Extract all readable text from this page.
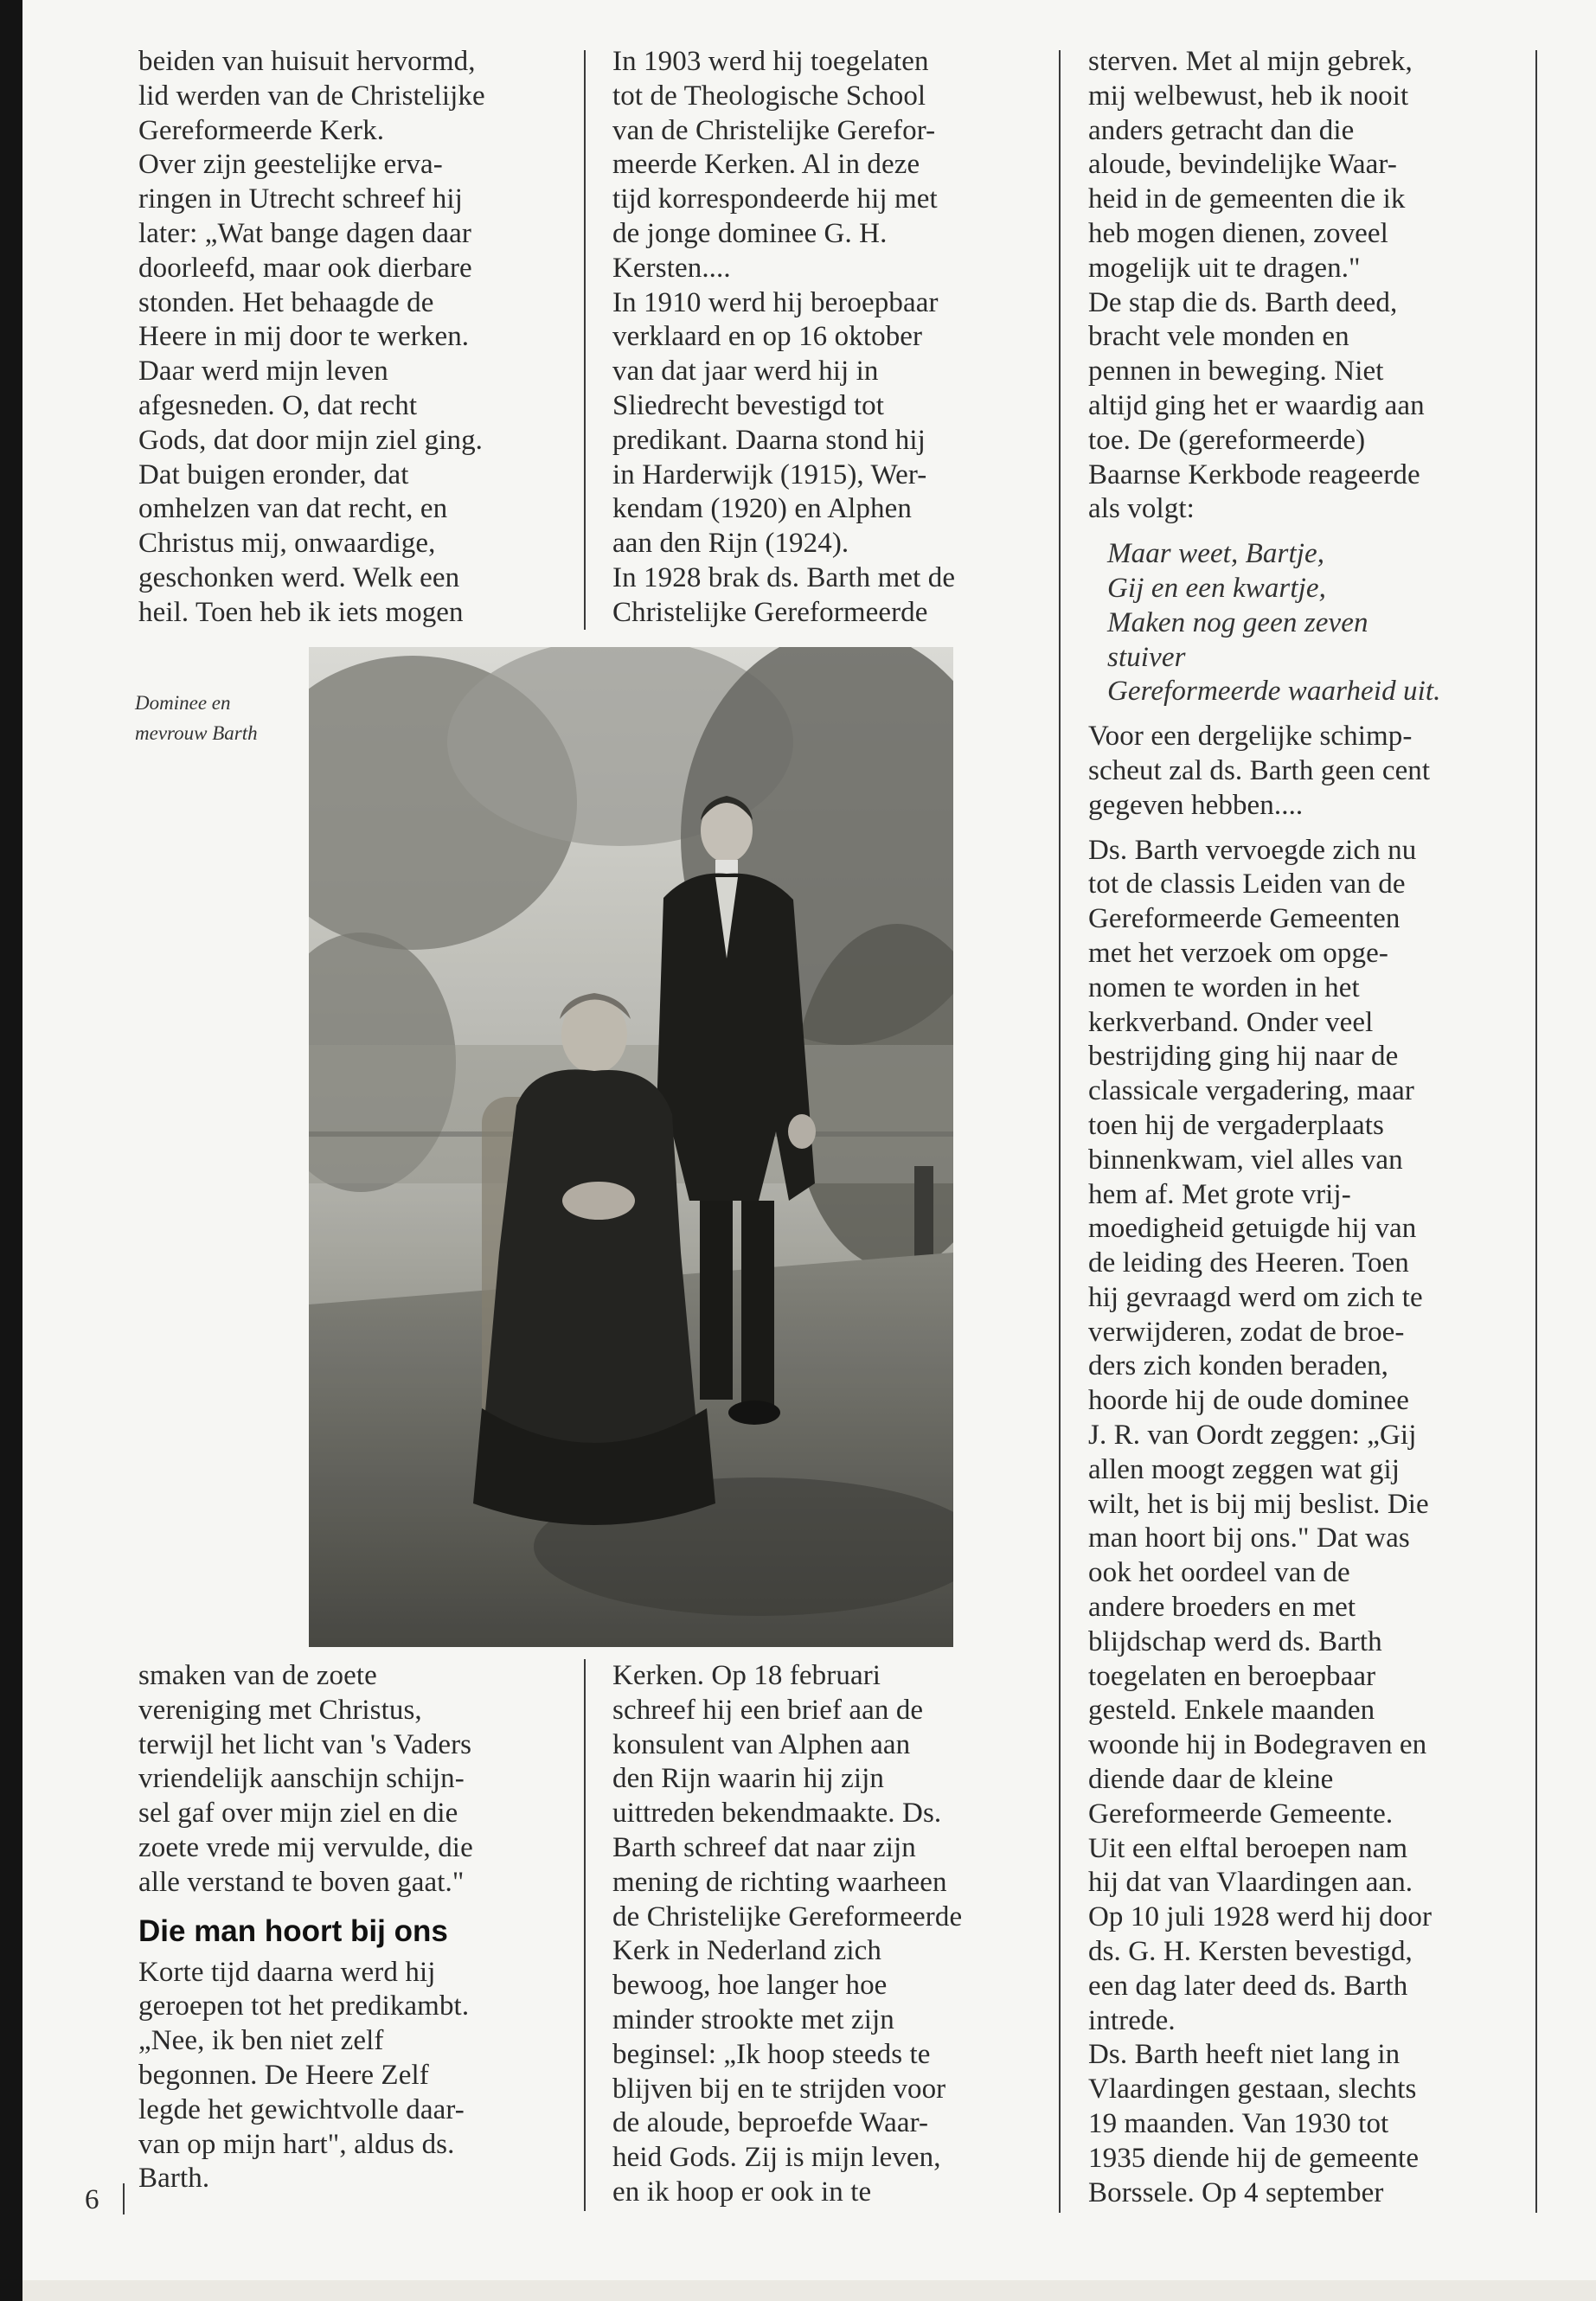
beiden van huisuit hervormd,
lid werden van de Christelijke
Gereformeerde Kerk.
Over zijn geestelijke erva-
ringen in Utrecht schreef hij
later: „Wat bange dagen daar
doorleefd, maar ook dierbare
stonden. Het behaagde de
Heere in mij door te werken.
Daar werd mijn leven
afgesneden. O, dat recht
Gods, dat door mijn ziel ging.
Dat buigen eronder, dat
omhelzen van dat recht, en
Christus mij, onwaardige,
geschonken werd. Welk een
heil. Toen heb ik iets mogen

In 1903 werd hij toegelaten
tot de Theologische School
van de Christelijke Gerefor-
meerde Kerken. Al in deze
tijd korrespondeerde hij met
de jonge dominee G. H.
Kersten....
In 1910 werd hij beroepbaar
verklaard en op 16 oktober
van dat jaar werd hij in
Sliedrecht bevestigd tot
predikant. Daarna stond hij
in Harderwijk (1915), Wer-
kendam (1920) en Alphen
aan den Rijn (1924).
In 1928 brak ds. Barth met de
Christelijke Gereformeerde

Dominee en
mevrouw Barth

smaken van de zoete
vereniging met Christus,
terwijl het licht van 's Vaders
vriendelijk aanschijn schijn-
sel gaf over mijn ziel en die
zoete vrede mij vervulde, die
alle verstand te boven gaat."

Die man hoort bij ons

Korte tijd daarna werd hij
geroepen tot het predikambt.
„Nee, ik ben niet zelf
begonnen. De Heere Zelf
legde het gewichtvolle daar-
van op mijn hart", aldus ds.
Barth.

Kerken. Op 18 februari
schreef hij een brief aan de
konsulent van Alphen aan
den Rijn waarin hij zijn
uittreden bekendmaakte. Ds.
Barth schreef dat naar zijn
mening de richting waarheen
de Christelijke Gereformeerde
Kerk in Nederland zich
bewoog, hoe langer hoe
minder strookte met zijn
beginsel: „Ik hoop steeds te
blijven bij en te strijden voor
de aloude, beproefde Waar-
heid Gods. Zij is mijn leven,
en ik hoop er ook in te

sterven. Met al mijn gebrek,
mij welbewust, heb ik nooit
anders getracht dan die
aloude, bevindelijke Waar-
heid in de gemeenten die ik
heb mogen dienen, zoveel
mogelijk uit te dragen."
De stap die ds. Barth deed,
bracht vele monden en
pennen in beweging. Niet
altijd ging het er waardig aan
toe. De (gereformeerde)
Baarnse Kerkbode reageerde
als volgt:

Maar weet, Bartje,
Gij en een kwartje,
Maken nog geen zeven
stuiver
Gereformeerde waarheid uit.

Voor een dergelijke schimp-
scheut zal ds. Barth geen cent
gegeven hebben....

Ds. Barth vervoegde zich nu
tot de classis Leiden van de
Gereformeerde Gemeenten
met het verzoek om opge-
nomen te worden in het
kerkverband. Onder veel
bestrijding ging hij naar de
classicale vergadering, maar
toen hij de vergaderplaats
binnenkwam, viel alles van
hem af. Met grote vrij-
moedigheid getuigde hij van
de leiding des Heeren. Toen
hij gevraagd werd om zich te
verwijderen, zodat de broe-
ders zich konden beraden,
hoorde hij de oude dominee
J. R. van Oordt zeggen: „Gij
allen moogt zeggen wat gij
wilt, het is bij mij beslist. Die
man hoort bij ons." Dat was
ook het oordeel van de
andere broeders en met
blijdschap werd ds. Barth
toegelaten en beroepbaar
gesteld. Enkele maanden
woonde hij in Bodegraven en
diende daar de kleine
Gereformeerde Gemeente.
Uit een elftal beroepen nam
hij dat van Vlaardingen aan.
Op 10 juli 1928 werd hij door
ds. G. H. Kersten bevestigd,
een dag later deed ds. Barth
intrede.
Ds. Barth heeft niet lang in
Vlaardingen gestaan, slechts
19 maanden. Van 1930 tot
1935 diende hij de gemeente
Borssele. Op 4 september

6
